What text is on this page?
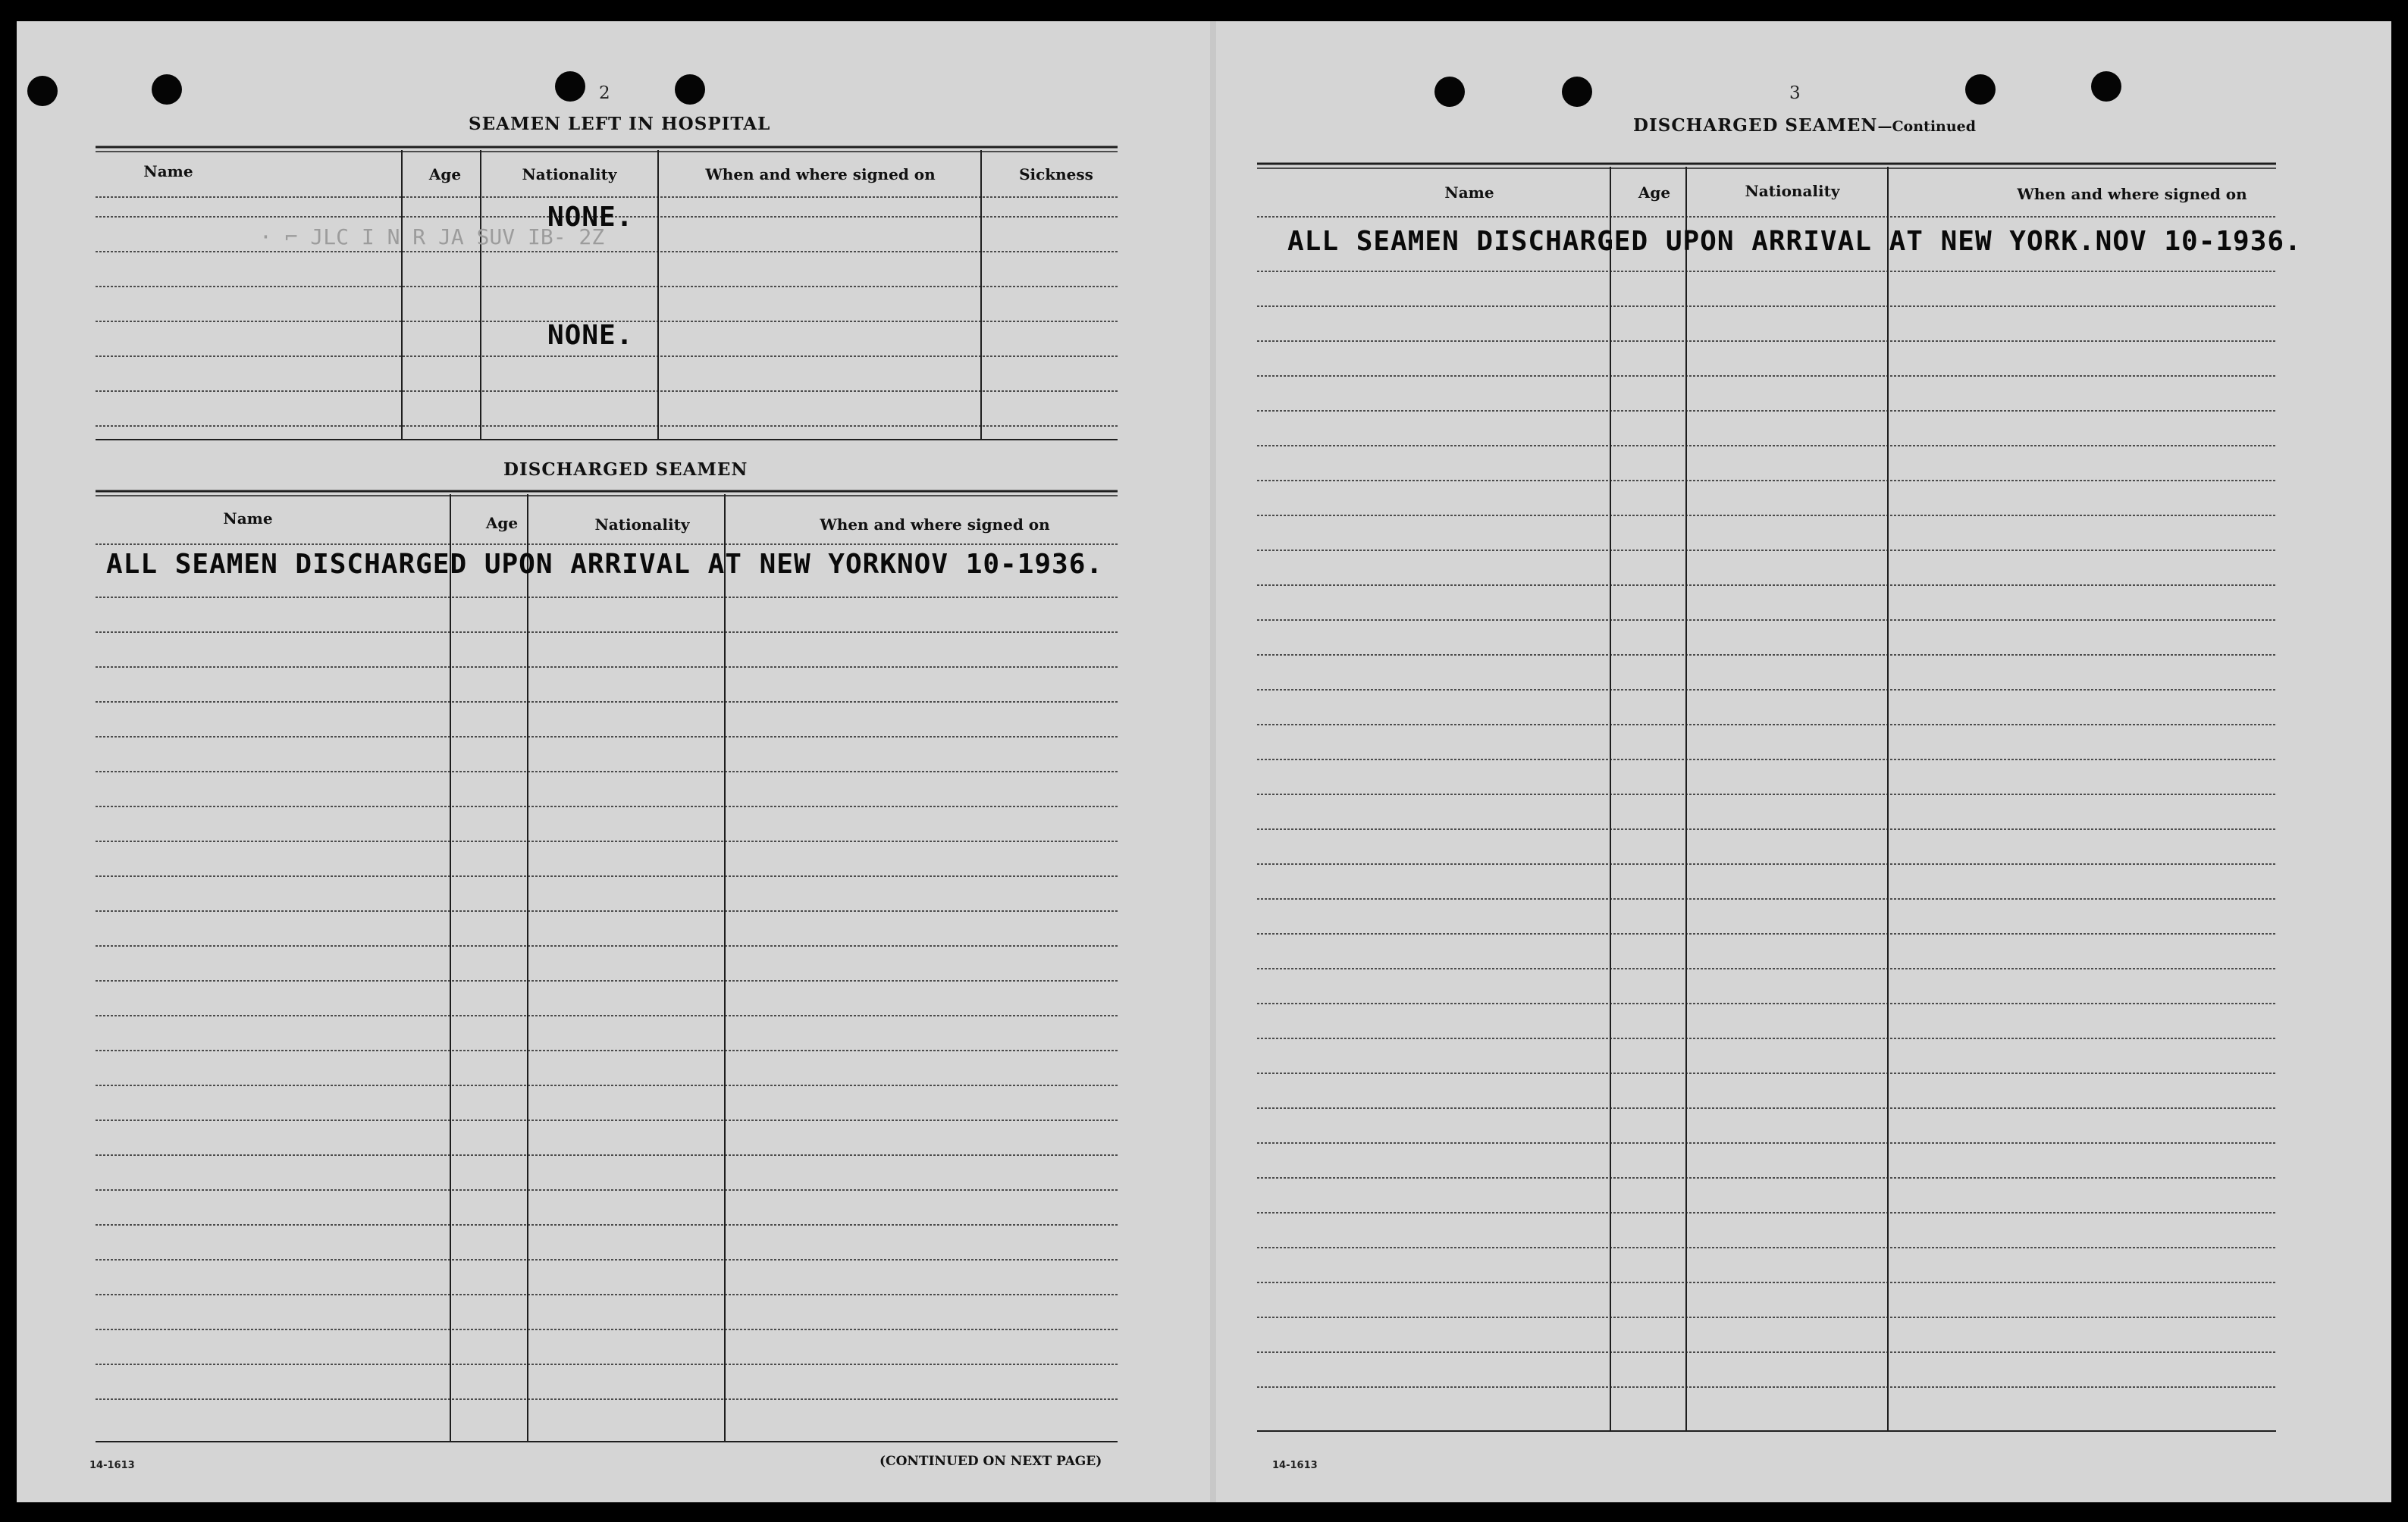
2
SEAMEN LEFT IN HOSPITAL
Name	Age	Nationality	When and where signed on	Sickness
NONE.
· ⌐ JLC I N R JA SUV IB- 2Z
NONE.
DISCHARGED SEAMEN
Name	Age	Nationality	When and where signed on
ALL SEAMEN DISCHARGED UPON ARRIVAL AT NEW YORKNOV 10-1936.
14-1613	(CONTINUED ON NEXT PAGE)
3
DISCHARGED SEAMEN—Continued
Name	Age	Nationality	When and where signed on
ALL SEAMEN DISCHARGED UPON ARRIVAL AT NEW YORK.NOV 10-1936.
14-1613
